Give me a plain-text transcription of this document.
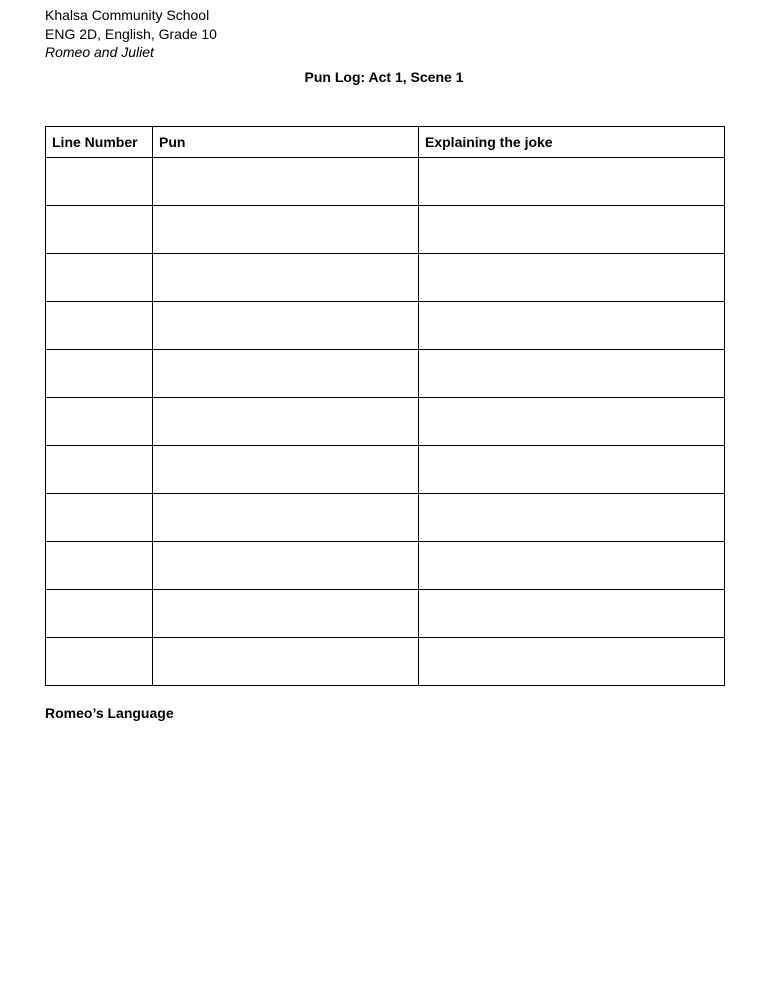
Khalsa Community School
ENG 2D, English, Grade 10
Romeo and Juliet
Pun Log: Act 1, Scene 1
Line Number	Pun	Explaining the joke

Romeo’s Language
